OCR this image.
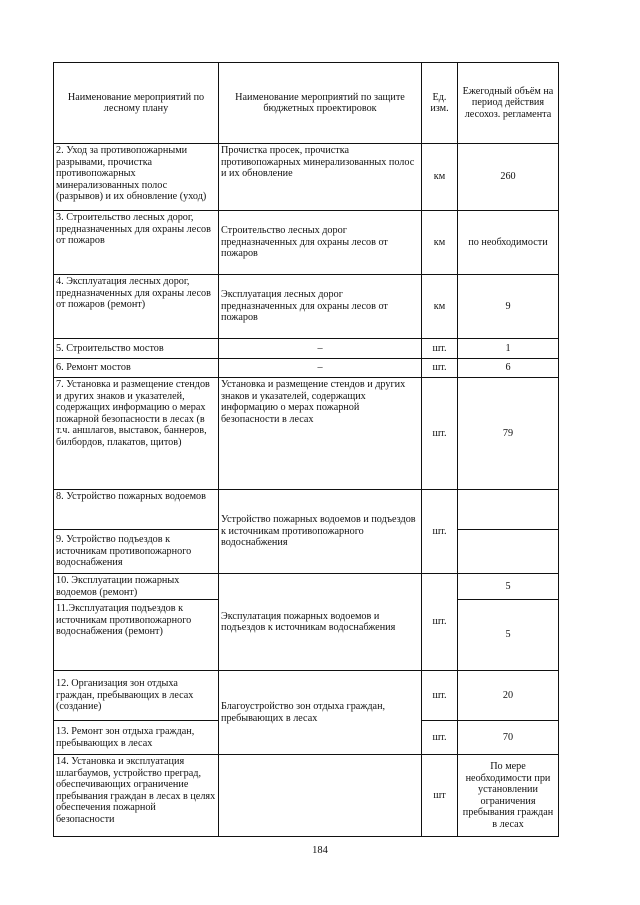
Наименование мероприятий по лесному плану	Наименование мероприятий по защите бюджетных проектировок	Ед. изм.	Ежегодный объём на период действия лесохоз. регламента
2. Уход за противопожарными разрывами, прочистка противопожарных минерализованных полос (разрывов) и их обновление (уход)	Прочистка просек, прочистка противопожарных минерализованных полос и их обновление	км	260
3. Строительство лесных дорог, предназначенных для охраны лесов от пожаров	Строительство лесных дорог предназначенных для охраны лесов от пожаров	км	по необходимости
4. Эксплуатация лесных дорог, предназначенных для охраны лесов от пожаров (ремонт)	Эксплуатация лесных дорог предназначенных для охраны лесов от пожаров	км	9
5. Строительство мостов	–	шт.	1
6. Ремонт мостов	–	шт.	6
7. Установка и размещение стендов и других знаков и указателей, содержащих информацию о мерах пожарной безопасности в лесах (в т.ч. аншлагов, выставок, баннеров, билбордов, плакатов, щитов)	Установка и размещение стендов и других знаков и указателей, содержащих информацию о мерах пожарной безопасности в лесах	шт.	79
8. Устройство пожарных водоемов	Устройство пожарных водоемов и подъездов к источникам противопожарного водоснабжения	шт.	
9. Устройство подъездов к источникам противопожарного водоснабжения			
10. Эксплуатации пожарных водоемов (ремонт)	Экспулатация пожарных водоемов и подъездов к источникам водоснабжения	шт.	5
11.Эксплуатация подъездов к источникам противопожарного водоснабжения (ремонт)			5
12. Организация зон отдыха граждан, пребывающих в лесах (создание)	Благоустройство зон отдыха граждан, пребывающих в лесах	шт.	20
13. Ремонт зон отдыха граждан, пребывающих в лесах		шт.	70
14. Установка и эксплуатация шлагбаумов, устройство преград, обеспечивающих ограничение пребывания граждан в лесах в целях обеспечения пожарной безопасности		шт	По мере необходимости при установлении ограничения пребывания граждан в лесах
184
